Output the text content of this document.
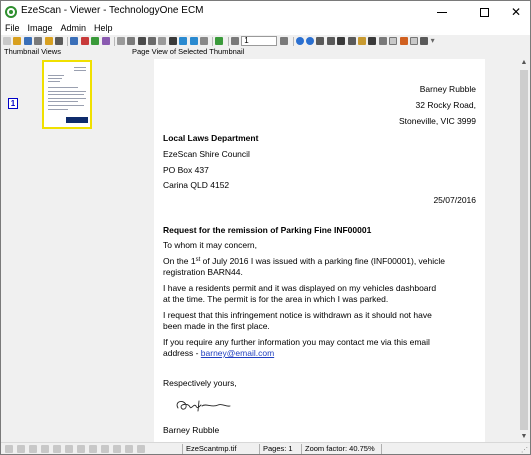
EzeScan - Viewer - TechnologyOne ECM	✕
File Image Admin Help
1	▾
Thumbnail Views	Page View of Selected Thumbnail
1
Barney Rubble
32 Rocky Road,
Stoneville, VIC 3999
Local Laws Department
EzeScan Shire Council
PO Box 437
Carina QLD 4152
25/07/2016
Request for the remission of Parking Fine INF00001
To whom it may concern,
On the 1st of July 2016 I was issued with a parking fine (INF00001), vehicle
registration BARN44.
I have a residents permit and it was displayed on my vehicles dashboard
at the time. The permit is for the area in which I was parked.
I request that this infringement notice is withdrawn as it should not have
been made in the first place.
If you require any further information you may contact me via this email
address - barney@email.com
Respectively yours,
Barney Rubble
▲
▼
EzeScantmp.tif	Pages: 1	Zoom factor: 40.75%	⋰
